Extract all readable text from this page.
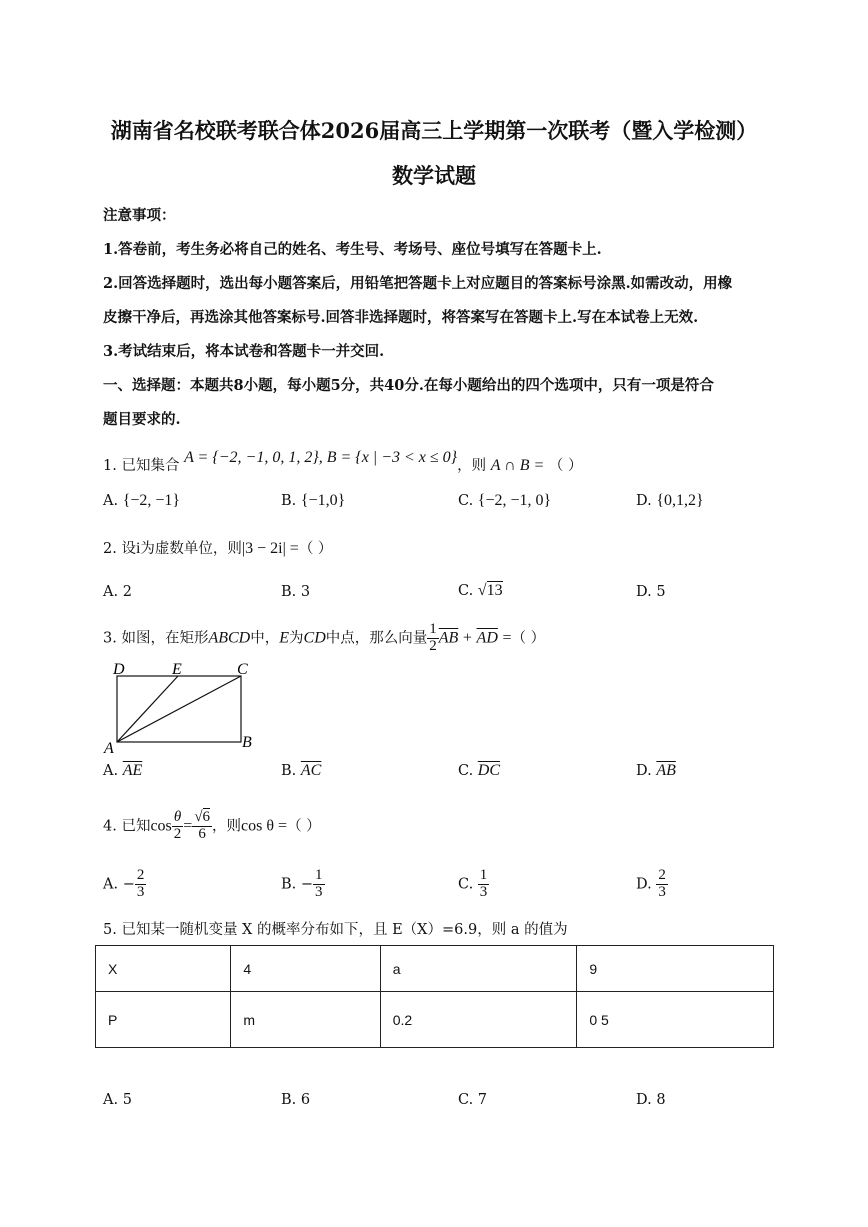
湖南省名校联考联合体2026届高三上学期第一次联考（暨入学检测）
数学试题
注意事项：
1.答卷前，考生务必将自己的姓名、考生号、考场号、座位号填写在答题卡上.
2.回答选择题时，选出每小题答案后，用铅笔把答题卡上对应题目的答案标号涂黑.如需改动，用橡
皮擦干净后，再选涂其他答案标号.回答非选择题时，将答案写在答题卡上.写在本试卷上无效.
3.考试结束后，将本试卷和答题卡一并交回.
一、选择题：本题共8小题，每小题5分，共40分.在每小题给出的四个选项中，只有一项是符合
题目要求的.
1. 已知集合 A = {−2, −1, 0, 1, 2}, B = {x | −3 < x ≤ 0}，则 A ∩ B = （ ）
A. {−2, −1}	B. {−1,0}	C. {−2, −1, 0}	D. {0,1,2}
2. 设i为虚数单位，则|3 − 2i| =（ ）
A. 2	B. 3	C. √13	D. 5
3. 如图，在矩形ABCD中，E为CD中点，那么向量 $\frac{1}{2} \overline{AB} + \overline{AD}$ =（ ）
D	E	C
A	B
A. $\overline{AE}$	B. $\overline{AC}$	C. $\overline{DC}$	D. $\overline{AB}$
4. 已知$\cos \frac{\theta}{2} = \frac{√6}{6}$ ，则cos θ =（ ）
A. − $\frac{2}{3}$	B. − $\frac{1}{3}$	C. $\frac{1}{3}$	D. $\frac{2}{3}$
5. 已知某一随机变量 X 的概率分布如下，且 E（X）=6.9，则 a 的值为
X	4	a	9
P	m	0.2	0 5
A. 5	B. 6	C. 7	D. 8
